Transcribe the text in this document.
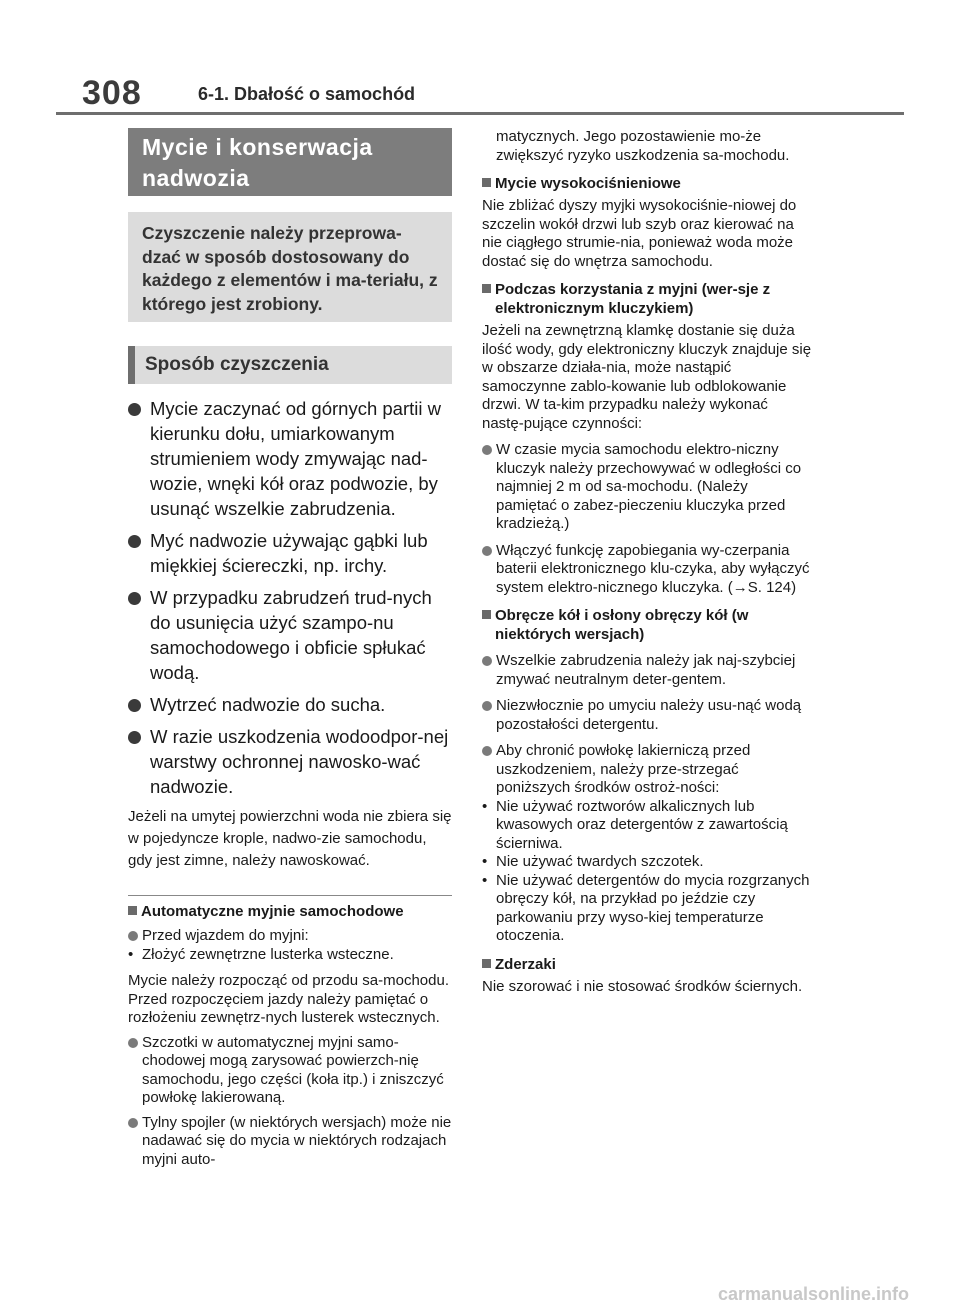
308	6-1. Dbałość o samochód
Mycie i konserwacja nadwozia
Czyszczenie należy przeprowa-dzać w sposób dostosowany do każdego z elementów i ma-teriału, z którego jest zrobiony.
Sposób czyszczenia
Mycie zaczynać od górnych partii w kierunku dołu, umiarkowanym strumieniem wody zmywając nad-wozie, wnęki kół oraz podwozie, by usunąć wszelkie zabrudzenia.
Myć nadwozie używając gąbki lub miękkiej ściereczki, np. irchy.
W przypadku zabrudzeń trud-nych do usunięcia użyć szampo-nu samochodowego i obficie spłukać wodą.
Wytrzeć nadwozie do sucha.
W razie uszkodzenia wodoodpor-nej warstwy ochronnej nawosko-wać nadwozie.
Jeżeli na umytej powierzchni woda nie zbiera się w pojedyncze krople, nadwo-zie samochodu, gdy jest zimne, należy nawoskować.
Automatyczne myjnie samochodowe
Przed wjazdem do myjni:
• Złożyć zewnętrzne lusterka wsteczne.
Mycie należy rozpocząć od przodu sa-mochodu. Przed rozpoczęciem jazdy należy pamiętać o rozłożeniu zewnętrz-nych lusterek wstecznych.
Szczotki w automatycznej myjni samo-chodowej mogą zarysować powierzch-nię samochodu, jego części (koła itp.) i zniszczyć powłokę lakierowaną.
Tylny spojler (w niektórych wersjach) może nie nadawać się do mycia w niektórych rodzajach myjni auto-
matycznych. Jego pozostawienie mo-że zwiększyć ryzyko uszkodzenia sa-mochodu.
Mycie wysokociśnieniowe
Nie zbliżać dyszy myjki wysokociśnie-niowej do szczelin wokół drzwi lub szyb oraz kierować na nie ciągłego strumie-nia, ponieważ woda może dostać się do wnętrza samochodu.
Podczas korzystania z myjni (wer-sje z elektronicznym kluczykiem)
Jeżeli na zewnętrzną klamkę dostanie się duża ilość wody, gdy elektroniczny kluczyk znajduje się w obszarze działa-nia, może nastąpić samoczynne zablo-kowanie lub odblokowanie drzwi. W ta-kim przypadku należy wykonać nastę-pujące czynności:
W czasie mycia samochodu elektro-niczny kluczyk należy przechowywać w odległości co najmniej 2 m od sa-mochodu. (Należy pamiętać o zabez-pieczeniu kluczyka przed kradzieżą.)
Włączyć funkcję zapobiegania wy-czerpania baterii elektronicznego klu-czyka, aby wyłączyć system elektro-nicznego kluczyka. (→S. 124)
Obręcze kół i osłony obręczy kół (w niektórych wersjach)
Wszelkie zabrudzenia należy jak naj-szybciej zmywać neutralnym deter-gentem.
Niezwłocznie po umyciu należy usu-nąć wodą pozostałości detergentu.
Aby chronić powłokę lakierniczą przed uszkodzeniem, należy prze-strzegać poniższych środków ostroż-ności:
• Nie używać roztworów alkalicznych lub kwasowych oraz detergentów z zawartością ścierniwa.
• Nie używać twardych szczotek.
• Nie używać detergentów do mycia rozgrzanych obręczy kół, na przykład po jeździe czy parkowaniu przy wyso-kiej temperaturze otoczenia.
Zderzaki
Nie szorować i nie stosować środków ściernych.
carmanualsonline.info
